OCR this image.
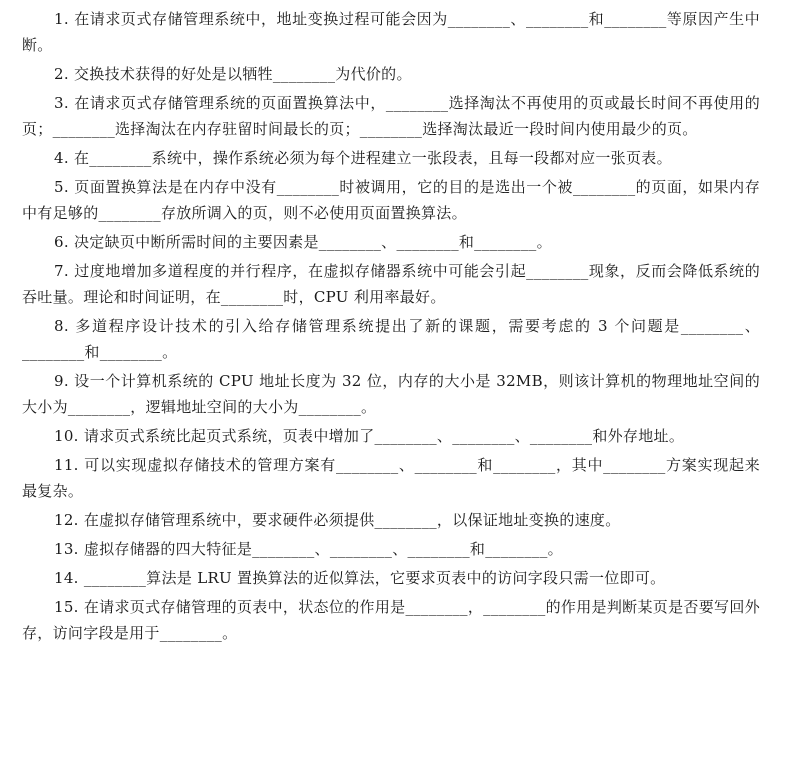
1. 在请求页式存储管理系统中，地址变换过程可能会因为________、________和________等原因产生中断。

2. 交换技术获得的好处是以牺牲________为代价的。

3. 在请求页式存储管理系统的页面置换算法中，________选择淘汰不再使用的页或最长时间不再使用的页；________选择淘汰在内存驻留时间最长的页；________选择淘汰最近一段时间内使用最少的页。

4. 在________系统中，操作系统必须为每个进程建立一张段表，且每一段都对应一张页表。

5. 页面置换算法是在内存中没有________时被调用，它的目的是选出一个被________的页面，如果内存中有足够的________存放所调入的页，则不必使用页面置换算法。

6. 决定缺页中断所需时间的主要因素是________、________和________。

7. 过度地增加多道程度的并行程序，在虚拟存储器系统中可能会引起________现象，反而会降低系统的吞吐量。理论和时间证明，在________时，CPU 利用率最好。

8. 多道程序设计技术的引入给存储管理系统提出了新的课题，需要考虑的 3 个问题是________、________和________。

9. 设一个计算机系统的 CPU 地址长度为 32 位，内存的大小是 32MB，则该计算机的物理地址空间的大小为________，逻辑地址空间的大小为________。

10. 请求页式系统比起页式系统，页表中增加了________、________、________和外存地址。

11. 可以实现虚拟存储技术的管理方案有________、________和________，其中________方案实现起来最复杂。

12. 在虚拟存储管理系统中，要求硬件必须提供________，以保证地址变换的速度。

13. 虚拟存储器的四大特征是________、________、________和________。

14. ________算法是 LRU 置换算法的近似算法，它要求页表中的访问字段只需一位即可。

15. 在请求页式存储管理的页表中，状态位的作用是________，________的作用是判断某页是否要写回外存，访问字段是用于________。
